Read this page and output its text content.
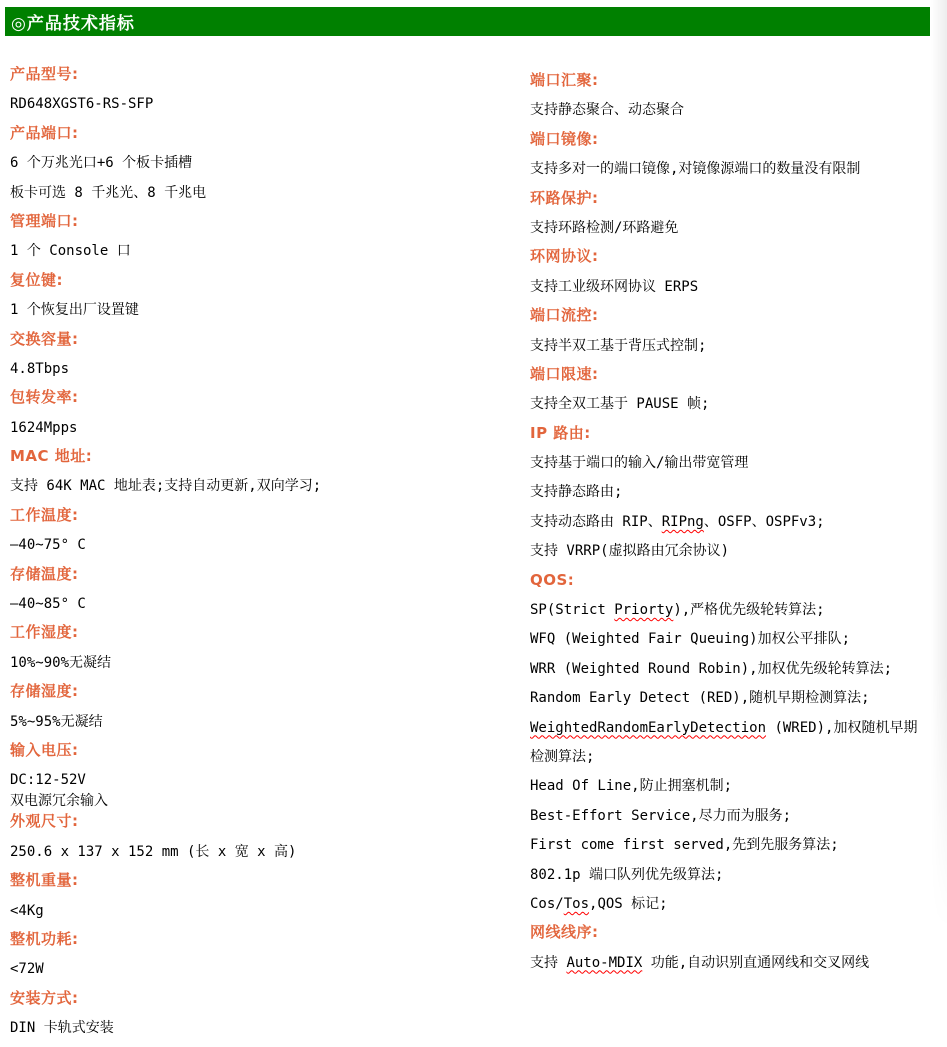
◎产品技术指标
产品型号:
RD648XGST6-RS-SFP
产品端口:
6 个万兆光口+6 个板卡插槽
板卡可选 8 千兆光、8 千兆电
管理端口:
1 个 Console 口
复位键:
1 个恢复出厂设置键
交换容量:
4.8Tbps
包转发率:
1624Mpps
MAC 地址:
支持 64K MAC 地址表;支持自动更新,双向学习;
工作温度:
—40~75° C
存储温度:
—40~85° C
工作湿度:
10%~90%无凝结
存储湿度:
5%~95%无凝结
输入电压:
DC:12-52V
双电源冗余输入
外观尺寸:
250.6 x 137 x 152 mm (长 x 宽 x 高)
整机重量:
<4Kg
整机功耗:
<72W
安装方式:
DIN 卡轨式安装
端口汇聚:
支持静态聚合、动态聚合
端口镜像:
支持多对一的端口镜像,对镜像源端口的数量没有限制
环路保护:
支持环路检测/环路避免
环网协议:
支持工业级环网协议 ERPS
端口流控:
支持半双工基于背压式控制;
端口限速:
支持全双工基于 PAUSE 帧;
IP 路由:
支持基于端口的输入/输出带宽管理
支持静态路由;
支持动态路由 RIP、RIPng、OSFP、OSPFv3;
支持 VRRP(虚拟路由冗余协议)
QOS:
SP(Strict Priorty),严格优先级轮转算法;
WFQ (Weighted Fair Queuing)加权公平排队;
WRR (Weighted Round Robin),加权优先级轮转算法;
Random Early Detect (RED),随机早期检测算法;
WeightedRandomEarlyDetection (WRED),加权随机早期
检测算法;
Head Of Line,防止拥塞机制;
Best-Effort Service,尽力而为服务;
First come first served,先到先服务算法;
802.1p 端口队列优先级算法;
Cos/Tos,QOS 标记;
网线线序:
支持 Auto-MDIX 功能,自动识别直通网线和交叉网线
